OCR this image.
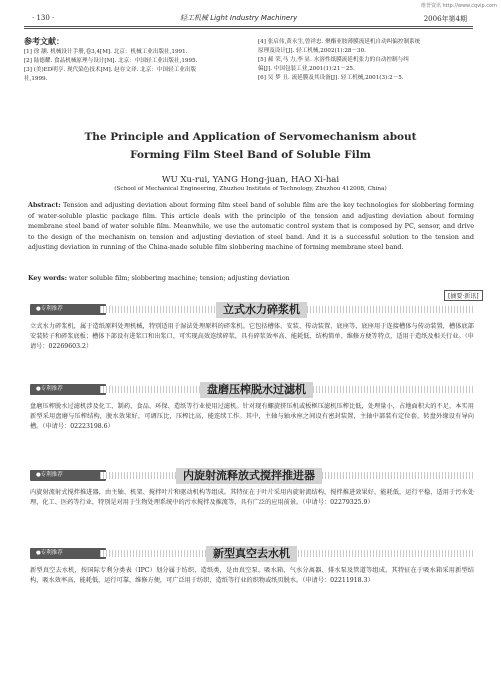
维普资讯 http://www.cqvip.com
· 130 ·	轻工机械 Light Industry Machinery	2006年第4期
参考文献：
[1] 徐 灏. 机械设计手册,卷3,4[M]. 北京：机械工业出版社,1991.
[2] 陆德耀. 食品机械原理与设计[M]. 北京：中国轻工业出版社,1995.
[3] (美)ED明亨. 现代染色技术[M]. 赵存文译. 北京：中国轻工业出版
社,1999.
[4] 张启伟,黄永生,曾祥忠. 聚酯亚胺薄膜流延机自动纠偏控制系统
原理及设计[J]. 轻工机械,2002(1):28－30.
[5] 郝 荣,马 力,李 显. 水溶性纸膜流延机张力的自动控制与纠
偏[J]. 中国包装工业,2001(1):21－25.
[6] 吴 梦 丑. 流延膜及其设备[J]. 轻工机械,2001(3):2－5.
The Principle and Application of Servomechanism about
Forming Film Steel Band of Soluble Film
WU Xu-rui, YANG Hong-juan, HAO Xi-hai
(School of Mechanical Engineering, Zhuzhou Institute of Technology, Zhuzhou 412008, China)
Abstract: Tension and adjusting deviation about forming film steel band of soluble film are the key technologies for slobbering forming of water-soluble plastic package film. This article deals with the principle of the tension and adjusting deviation about forming membrane steel band of water soluble film. Meanwhile, we use the automatic control system that is composed by PC, sensor, and drive to the design of the mechanism on tension and adjusting deviation of steel band. And it is a successful solution to the tension and adjusting deviation in running of the China-made soluble film slobbering machine of forming membrane steel band.
Key words: water soluble film; slobbering machine; tension; adjusting deviation
[摘要·新讯]
●专利推荐	立式水力碎浆机
立式水力碎浆机，属于造纸原料处理机械，特别适用于湿法处理原料的碎浆机。它包括槽体、安装、传动装置、底座等，底座用于连接槽体与传动装置，槽体底部安装转子和碎浆底板；槽体下部设有进浆口和出浆口，可实现高效连续碎浆，具有碎浆效率高、能耗低、结构简单、维修方便等特点，适用于造纸及相关行业。（申请号：02269603.2）
●专利推荐	盘磨压榨脱水过滤机
盘磨压榨脱水过滤机涉及化工、制药、食品、环保、造纸等行业使用过滤机。针对现有螺旋挤压机或板框压滤机压榨比低，处理量小，占地面积大的不足，本实用新型采用盘磨与压榨结构，脱水效果好，可调压比，压榨比高，能连续工作。其中，主轴与轴承座之间设有密封装置，主轴中部装有定位套，转盘外缘设有导向槽。（申请号：02223198.6）
●专利推荐	内旋射流释放式搅拌推进器
内旋射流射式搅拌推进器，由主轴、机架、搅拌叶片和驱动机构等组成。其特征在于叶片采用内旋射流结构，搅拌推进效果好，能耗低，运行平稳，适用于污水处理、化工、医药等行业，特别是对用于生物处理系统中的污水搅拌及推流等，具有广泛的应用前景。（申请号：02279325.9）
●专利推荐	新型真空去水机
新型真空去水机，按国际专利分类表（IPC）划分属于纺织、造纸类，是由真空泵、吸水箱、气水分离器、排水泵及管道等组成。其特征在于吸水箱采用新型结构，吸水效率高，能耗低，运行可靠，维修方便，可广泛用于纺织、造纸等行业的织物或纸页脱水。（申请号：02211918.3）
